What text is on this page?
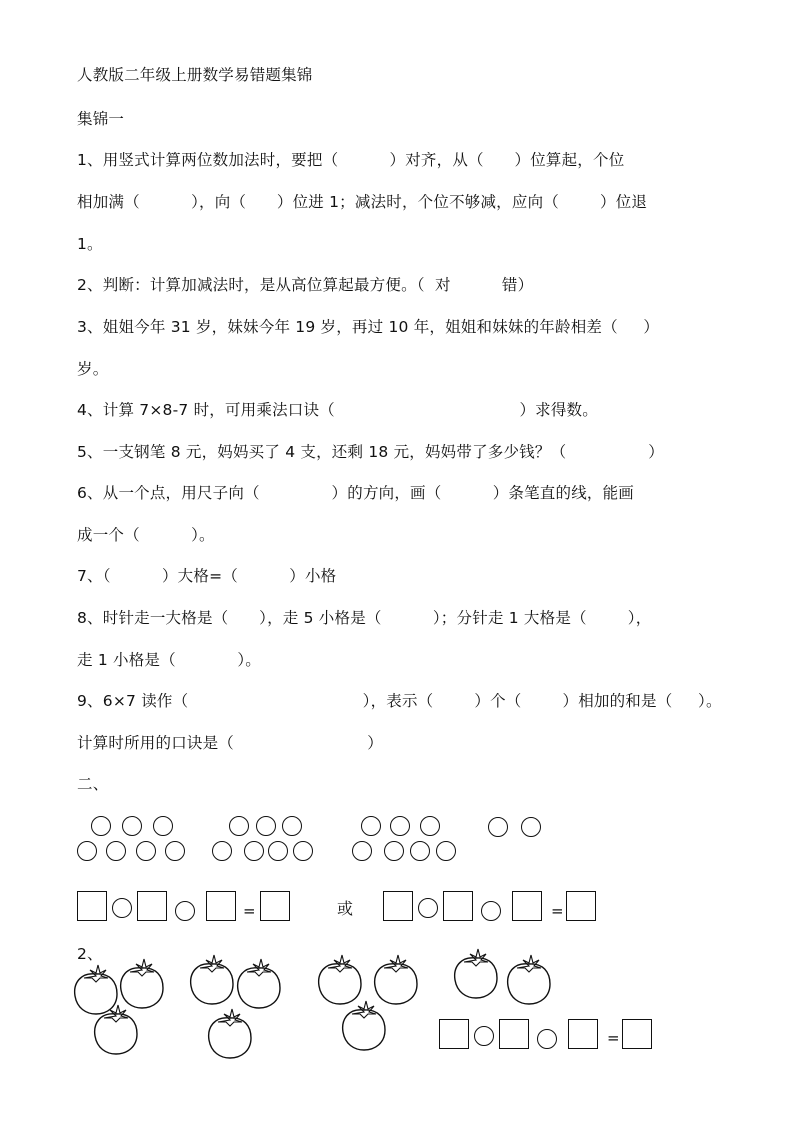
人教版二年级上册数学易错题集锦
集锦一
1、用竖式计算两位数加法时，要把（          ）对齐，从（      ）位算起，个位
相加满（          ），向（      ）位进 1；减法时，个位不够减，应向（        ）位退
1。
2、判断：计算加减法时，是从高位算起最方便。（  对          错）
3、姐姐今年 31 岁，妹妹今年 19 岁，再过 10 年，姐姐和妹妹的年龄相差（     ）
岁。
4、计算 7×8-7 时，可用乘法口诀（                                    ）求得数。
5、一支钢笔 8 元，妈妈买了 4 支，还剩 18 元，妈妈带了多少钱？（                ）
6、从一个点，用尺子向（              ）的方向，画（          ）条笔直的线，能画
成一个（          ）。
7、（          ）大格=（          ）小格
8、时针走一大格是（      ），走 5 小格是（          ）；分针走 1 大格是（        ），
走 1 小格是（            ）。
9、6×7 读作（                                  ），表示（        ）个（        ）相加的和是（     ）。
计算时所用的口诀是（                          ）
二、
=	或	=
2、
=
